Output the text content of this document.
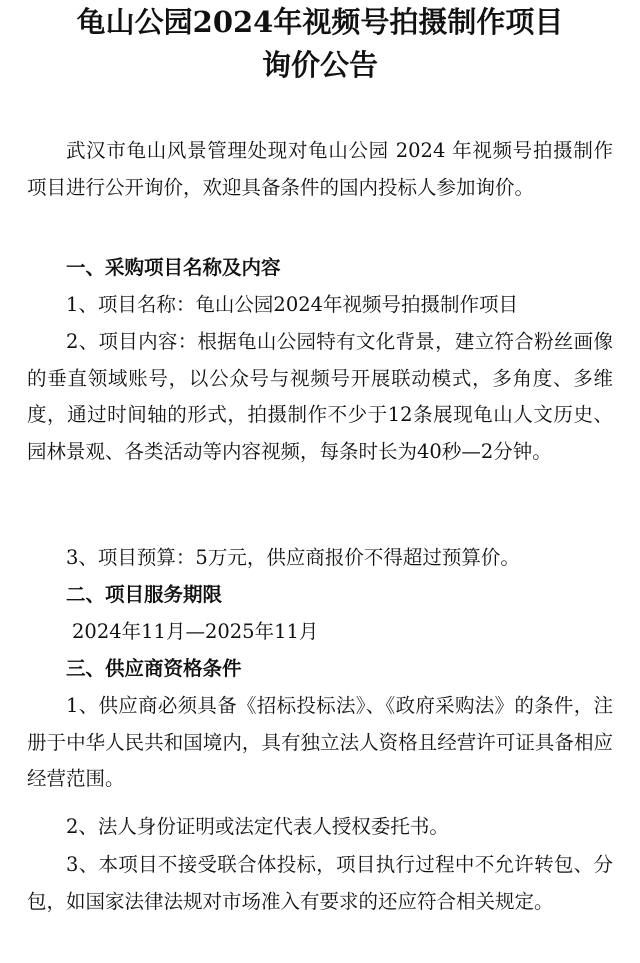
龟山公园2024年视频号拍摄制作项目
询价公告

武汉市龟山风景管理处现对龟山公园 2024 年视频号拍摄制作项目进行公开询价，欢迎具备条件的国内投标人参加询价。

一、采购项目名称及内容

1、项目名称：龟山公园2024年视频号拍摄制作项目

2、项目内容：根据龟山公园特有文化背景，建立符合粉丝画像的垂直领域账号，以公众号与视频号开展联动模式，多角度、多维度，通过时间轴的形式，拍摄制作不少于12条展现龟山人文历史、园林景观、各类活动等内容视频，每条时长为40秒—2分钟。

3、项目预算：5万元，供应商报价不得超过预算价。

二、项目服务期限

2024年11月—2025年11月

三、供应商资格条件

1、供应商必须具备《招标投标法》、《政府采购法》的条件，注册于中华人民共和国境内，具有独立法人资格且经营许可证具备相应经营范围。

2、法人身份证明或法定代表人授权委托书。

3、本项目不接受联合体投标，项目执行过程中不允许转包、分包，如国家法律法规对市场准入有要求的还应符合相关规定。
